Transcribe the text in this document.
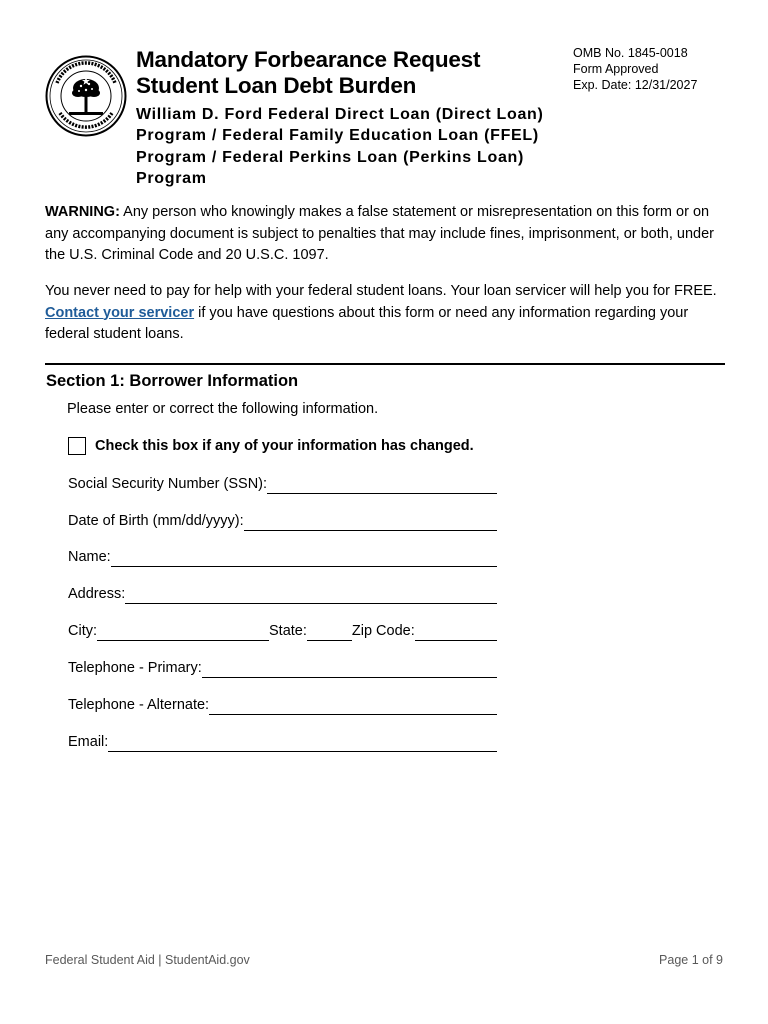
Mandatory Forbearance Request
Student Loan Debt Burden

William D. Ford Federal Direct Loan (Direct Loan) Program / Federal Family Education Loan (FFEL) Program / Federal Perkins Loan (Perkins Loan) Program

OMB No. 1845-0018
Form Approved
Exp. Date: 12/31/2027

WARNING: Any person who knowingly makes a false statement or misrepresentation on this form or on any accompanying document is subject to penalties that may include fines, imprisonment, or both, under the U.S. Criminal Code and 20 U.S.C. 1097.

You never need to pay for help with your federal student loans. Your loan servicer will help you for FREE. Contact your servicer if you have questions about this form or need any information regarding your federal student loans.

Section 1: Borrower Information
Please enter or correct the following information.
Check this box if any of your information has changed.
Social Security Number (SSN):
Date of Birth (mm/dd/yyyy):
Name:
Address:
City:	State:	Zip Code:
Telephone - Primary:
Telephone - Alternate:
Email:
Federal Student Aid | StudentAid.gov	Page 1 of 9
